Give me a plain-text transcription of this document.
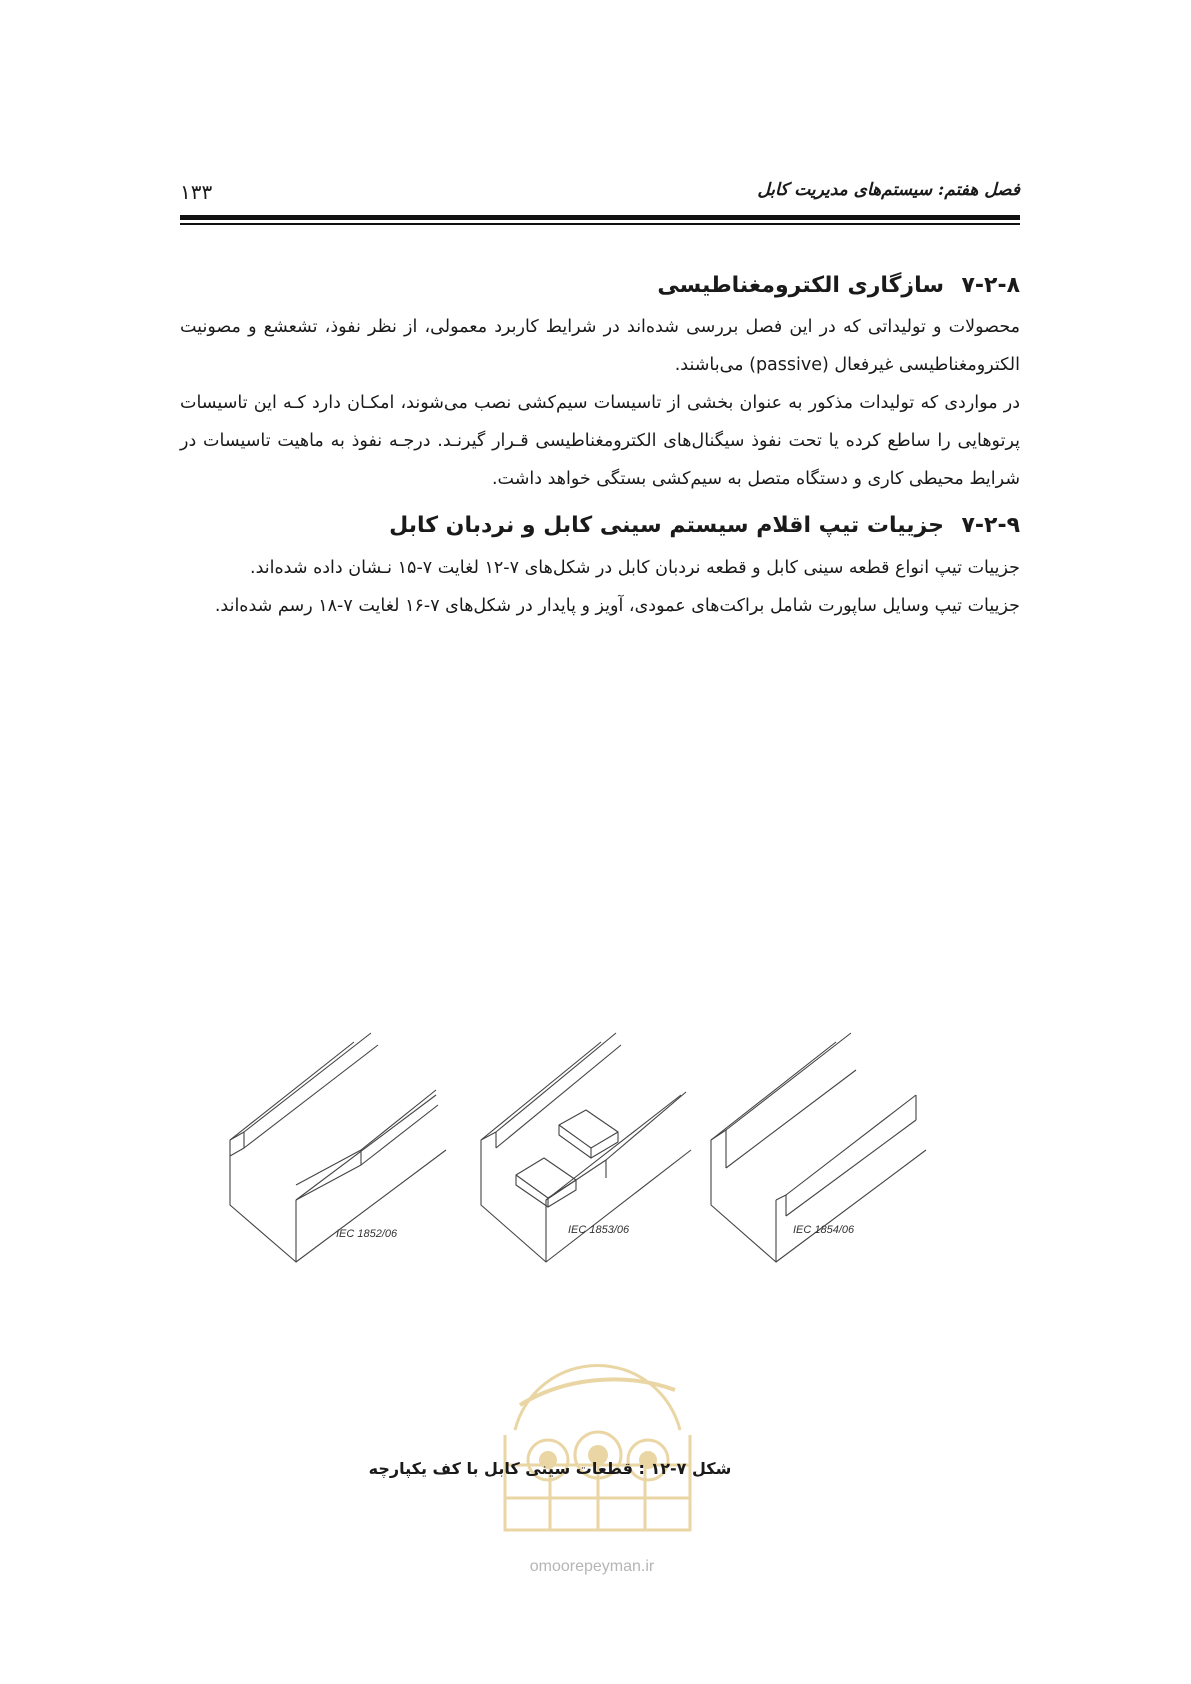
فصل هفتم: سیستم‌های مدیریت کابل
۱۳۳
۷-۲-۸
سازگاری الکترومغناطیسی

محصولات و تولیداتی که در این فصل بررسی شده‌اند در شرایط کاربرد معمولی، از نظر نفوذ، تشعشع و مصونیت الکترومغناطیسی غیرفعال (passive) می‌باشند.

در مواردی که تولیدات مذکور به عنوان بخشی از تاسیسات سیم‌کشی نصب می‌شوند، امکـان دارد کـه این تاسیسات پرتوهایی را ساطع کرده یا تحت نفوذ سیگنال‌های الکترومغناطیسی قـرار گیرنـد. درجـه نفوذ به ماهیت تاسیسات در شرایط محیطی کاری و دستگاه متصل به سیم‌کشی بستگی خواهد داشت.

۷-۲-۹
جزییات تیپ اقلام سیستم سینی کابل و نردبان کابل

جزییات تیپ انواع قطعه سینی کابل و قطعه نردبان کابل در شکل‌های ۷-۱۲ لغایت ۷-۱۵ نـشان داده شده‌اند.

جزییات تیپ وسایل ساپورت شامل براکت‌های عمودی، آویز و پایدار در شکل‌های ۷-۱۶ لغایت ۷-۱۸ رسم شده‌اند.

IEC 1852/06	IEC 1853/06	IEC 1854/06
omoorepeyman.ir
شکل ۷-۱۲ : قطعات سینی کابل با کف یکپارچه
